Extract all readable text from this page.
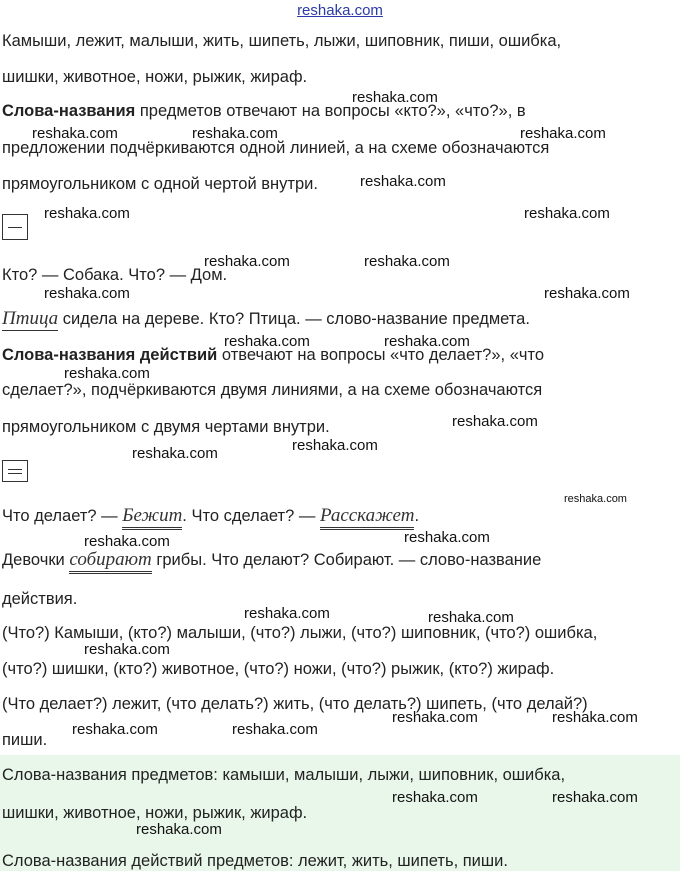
reshaka.com
Камыши, лежит, малыши, жить, шипеть, лыжи, шиповник, пиши, ошибка,
шишки, животное, ножи, рыжик, жираф.
Слова-названия предметов отвечают на вопросы «кто?», «что?», в
предложении подчёркиваются одной линией, а на схеме обозначаются
прямоугольником с одной чертой внутри.
Кто? — Собака. Что? — Дом.
Птица сидела на дереве. Кто? Птица. — слово-название предмета.
Слова-названия действий отвечают на вопросы «что делает?», «что
сделает?», подчёркиваются двумя линиями, а на схеме обозначаются
прямоугольником с двумя чертами внутри.
Что делает? — Бежит. Что сделает? — Расскажет.
Девочки собирают грибы. Что делают? Собирают. — слово-название
действия.
(Что?) Камыши, (кто?) малыши, (что?) лыжи, (что?) шиповник, (что?) ошибка,
(что?) шишки, (кто?) животное, (что?) ножи, (что?) рыжик, (кто?) жираф.
(Что делает?) лежит, (что делать?) жить, (что делать?) шипеть, (что делай?)
пиши.
Слова-названия предметов: камыши, малыши, лыжи, шиповник, ошибка,
шишки, животное, ножи, рыжик, жираф.
Слова-названия действий предметов: лежит, жить, шипеть, пиши.
reshaka.com
reshaka.com	reshaka.com	reshaka.com
reshaka.com
reshaka.com	reshaka.com
reshaka.com	reshaka.com
reshaka.com	reshaka.com
reshaka.com	reshaka.com
reshaka.com
reshaka.com
reshaka.com
reshaka.com
reshaka.com
reshaka.com
reshaka.com
reshaka.com	reshaka.com
reshaka.com
reshaka.com	reshaka.com
reshaka.com	reshaka.com
reshaka.com	reshaka.com
reshaka.com
